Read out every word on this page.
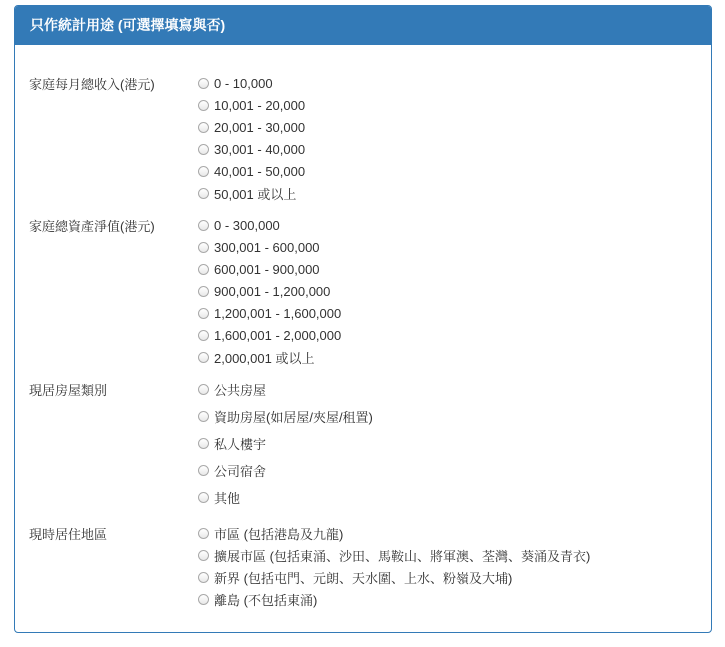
只作統計用途 (可選擇填寫與否)
家庭每月總收入(港元)	0 - 10,000
10,001 - 20,000
20,001 - 30,000
30,001 - 40,000
40,001 - 50,000
50,001 或以上
家庭總資產淨值(港元)	0 - 300,000
300,001 - 600,000
600,001 - 900,000
900,001 - 1,200,000
1,200,001 - 1,600,000
1,600,001 - 2,000,000
2,000,001 或以上
現居房屋類別	公共房屋
資助房屋(如居屋/夾屋/租置)
私人樓宇
公司宿舍
其他
現時居住地區	市區 (包括港島及九龍)
擴展市區 (包括東涌、沙田、馬鞍山、將軍澳、荃灣、葵涌及青衣)
新界 (包括屯門、元朗、天水圍、上水、粉嶺及大埔)
離島 (不包括東涌)
